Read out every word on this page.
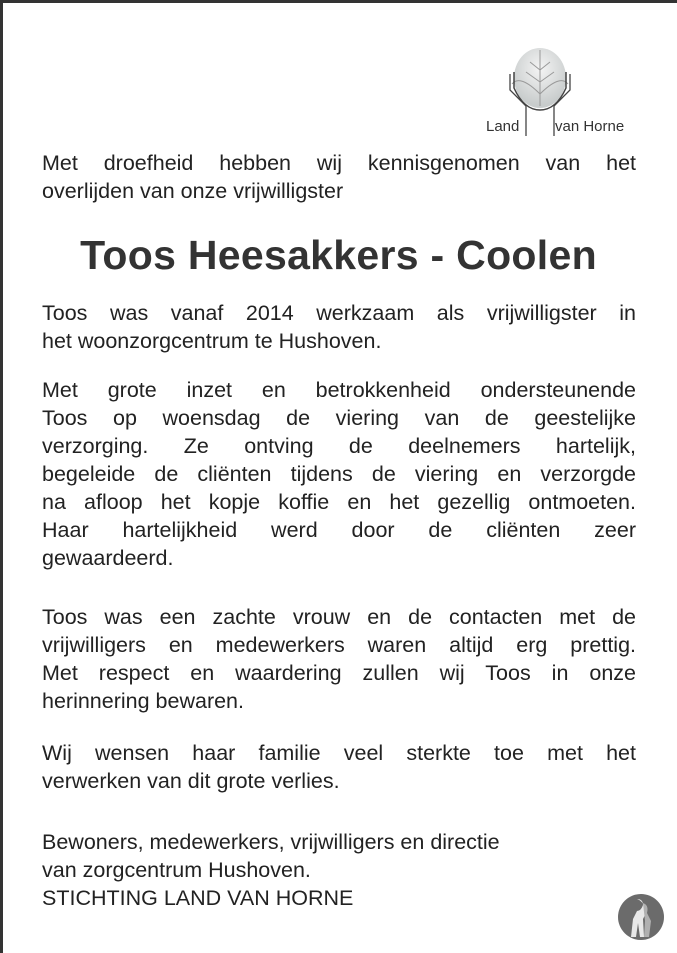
Land van Horne
Met droefheid hebben wij kennisgenomen van het
overlijden van onze vrijwilligster
Toos Heesakkers - Coolen
Toos was vanaf 2014 werkzaam als vrijwilligster in
het woonzorgcentrum te Hushoven.
Met grote inzet en betrokkenheid ondersteunende
Toos op woensdag de viering van de geestelijke
verzorging. Ze ontving de deelnemers hartelijk,
begeleide de cliënten tijdens de viering en verzorgde
na afloop het kopje koffie en het gezellig ontmoeten.
Haar hartelijkheid werd door de cliënten zeer
gewaardeerd.
Toos was een zachte vrouw en de contacten met de
vrijwilligers en medewerkers waren altijd erg prettig.
Met respect en waardering zullen wij Toos in onze
herinnering bewaren.
Wij wensen haar familie veel sterkte toe met het
verwerken van dit grote verlies.
Bewoners, medewerkers, vrijwilligers en directie
van zorgcentrum Hushoven.
STICHTING LAND VAN HORNE
